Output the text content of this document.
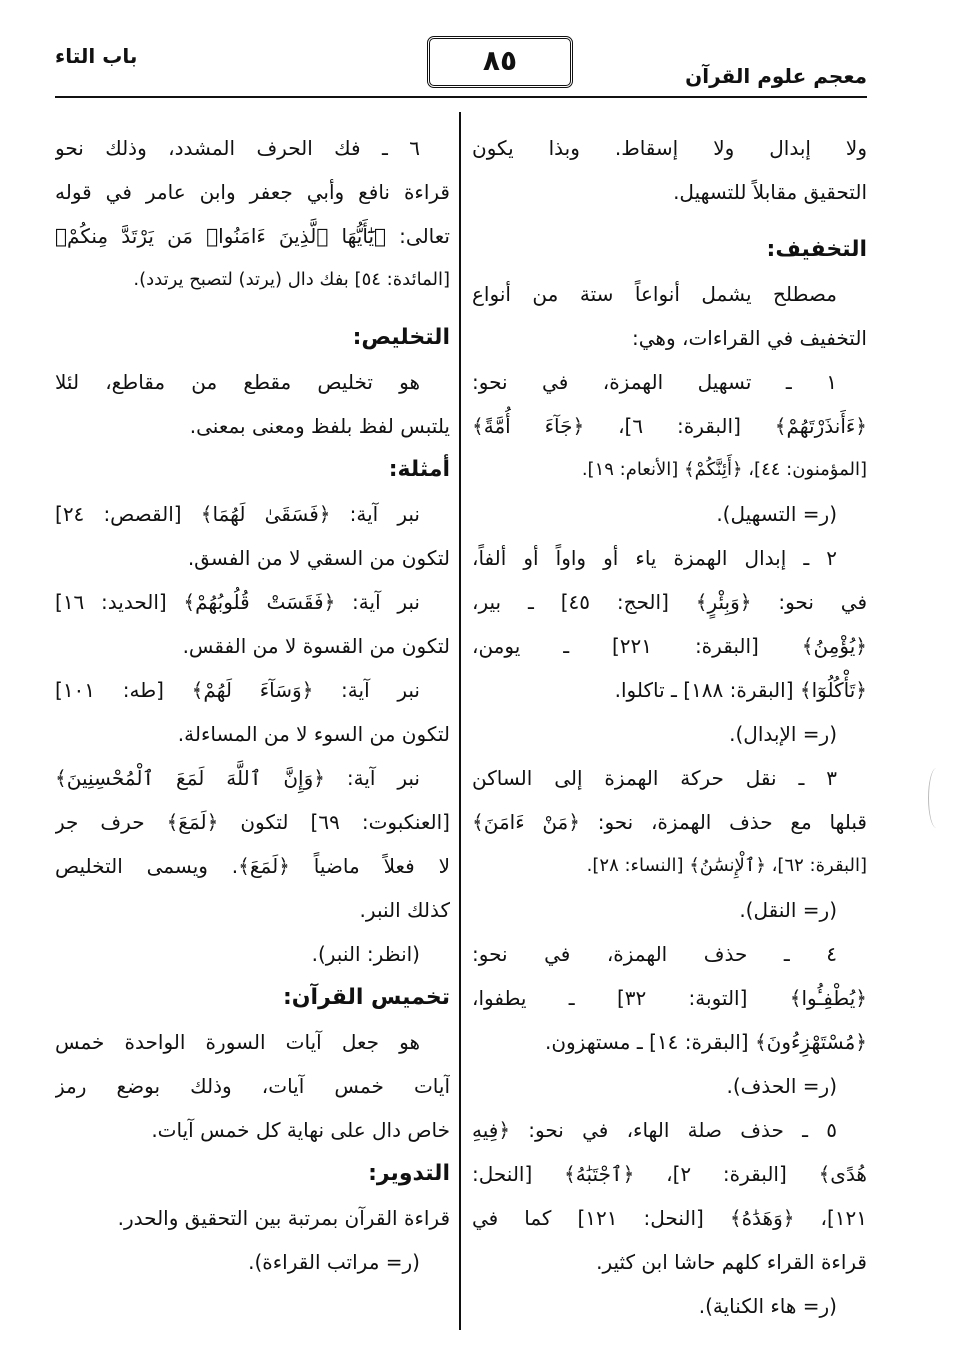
باب التاء	٨٥	معجم علوم القرآن
ولا إبدال ولا إسقاط. وبذا يكون
التحقيق مقابلاً للتسهيل.
التخفيف:
مصطلح يشمل أنواعاً ستة من أنواع
التخفيف في القراءات، وهي:
١ ـ تسهيل الهمزة، في نحو:
﴿ءَأَنذَرْتَهُمْ﴾ [البقرة: ٦]، ﴿جَآءَ أُمَّةً﴾
[المؤمنون: ٤٤]، ﴿أَئِنَّكُمْ﴾ [الأنعام: ١٩].
(ر= التسهيل).
٢ ـ إبدال الهمزة ياء أو واواً أو ألفاً،
في نحو: ﴿وَبِئْرٍ﴾ [الحج: ٤٥] ـ بير،
﴿يُؤْمِنُ﴾ [البقرة: ٢٢١] ـ يومن،
﴿تَأْكُلُوٓا﴾ [البقرة: ١٨٨] ـ تاكلوا.
(ر= الإبدال).
٣ ـ نقل حركة الهمزة إلى الساكن
قبلها مع حذف الهمزة، نحو: ﴿مَنْ ءَامَنَ﴾
[البقرة: ٦٢]، ﴿ٱلْإِنسَٰنُ﴾ [النساء: ٢٨].
(ر= النقل).
٤ ـ حذف الهمزة، في نحو:
﴿يُطْفِـُٔوا﴾ [التوبة: ٣٢] ـ يطفوا،
﴿مُسْتَهْزِءُونَ﴾ [البقرة: ١٤] ـ مستهزون.
(ر= الحذف).
٥ ـ حذف صلة الهاء، في نحو: ﴿فِيهِ
هُدًى﴾ [البقرة: ٢]، ﴿ٱجْتَبَٰهُ﴾ [النحل:
١٢١]، ﴿وَهَدَٰهُ﴾ [النحل: ١٢١] كما في
قراءة القراء كلهم حاشا ابن كثير.
(ر= هاء الكناية).
٦ ـ فك الحرف المشدد، وذلك نحو
قراءة نافع وأبي جعفر وابن عامر في قوله
تعالى: ﴿يَٰٓأَيُّهَا ٱلَّذِينَ ءَامَنُوا۟ مَن يَرْتَدَّ مِنكُمْ﴾
[المائدة: ٥٤] بفك دال (يرتد) لتصبح يرتدد).
التخليص:
هو تخليص مقطع من مقاطع، لئلا
يلتبس لفظ بلفظ ومعنى بمعنى.
أمثلة:
نبر آية: ﴿فَسَقَىٰ لَهُمَا﴾ [القصص: ٢٤]
لتكون من السقي لا من الفسق.
نبر آية: ﴿فَقَسَتْ قُلُوبُهُمْ﴾ [الحديد: ١٦]
لتكون من القسوة لا من الفقس.
نبر آية: ﴿وَسَآءَ لَهُمْ﴾ [طه: ١٠١]
لتكون من السوء لا من المساءلة.
نبر آية: ﴿وَإِنَّ ٱللَّهَ لَمَعَ ٱلْمُحْسِنِينَ﴾
[العنكبوت: ٦٩] لتكون ﴿لَمَعَ﴾ حرف جر
لا فعلاً ماضياً ﴿لَمَعَ﴾. ويسمى التخليص
كذلك النبر.
(انظر: النبر).
تخميس القرآن:
هو جعل آيات السورة الواحدة خمس
آيات خمس آيات، وذلك بوضع رمز
خاص دال على نهاية كل خمس آيات.
التدوير:
قراءة القرآن بمرتبة بين التحقيق والحدر.
(ر= مراتب القراءة).
